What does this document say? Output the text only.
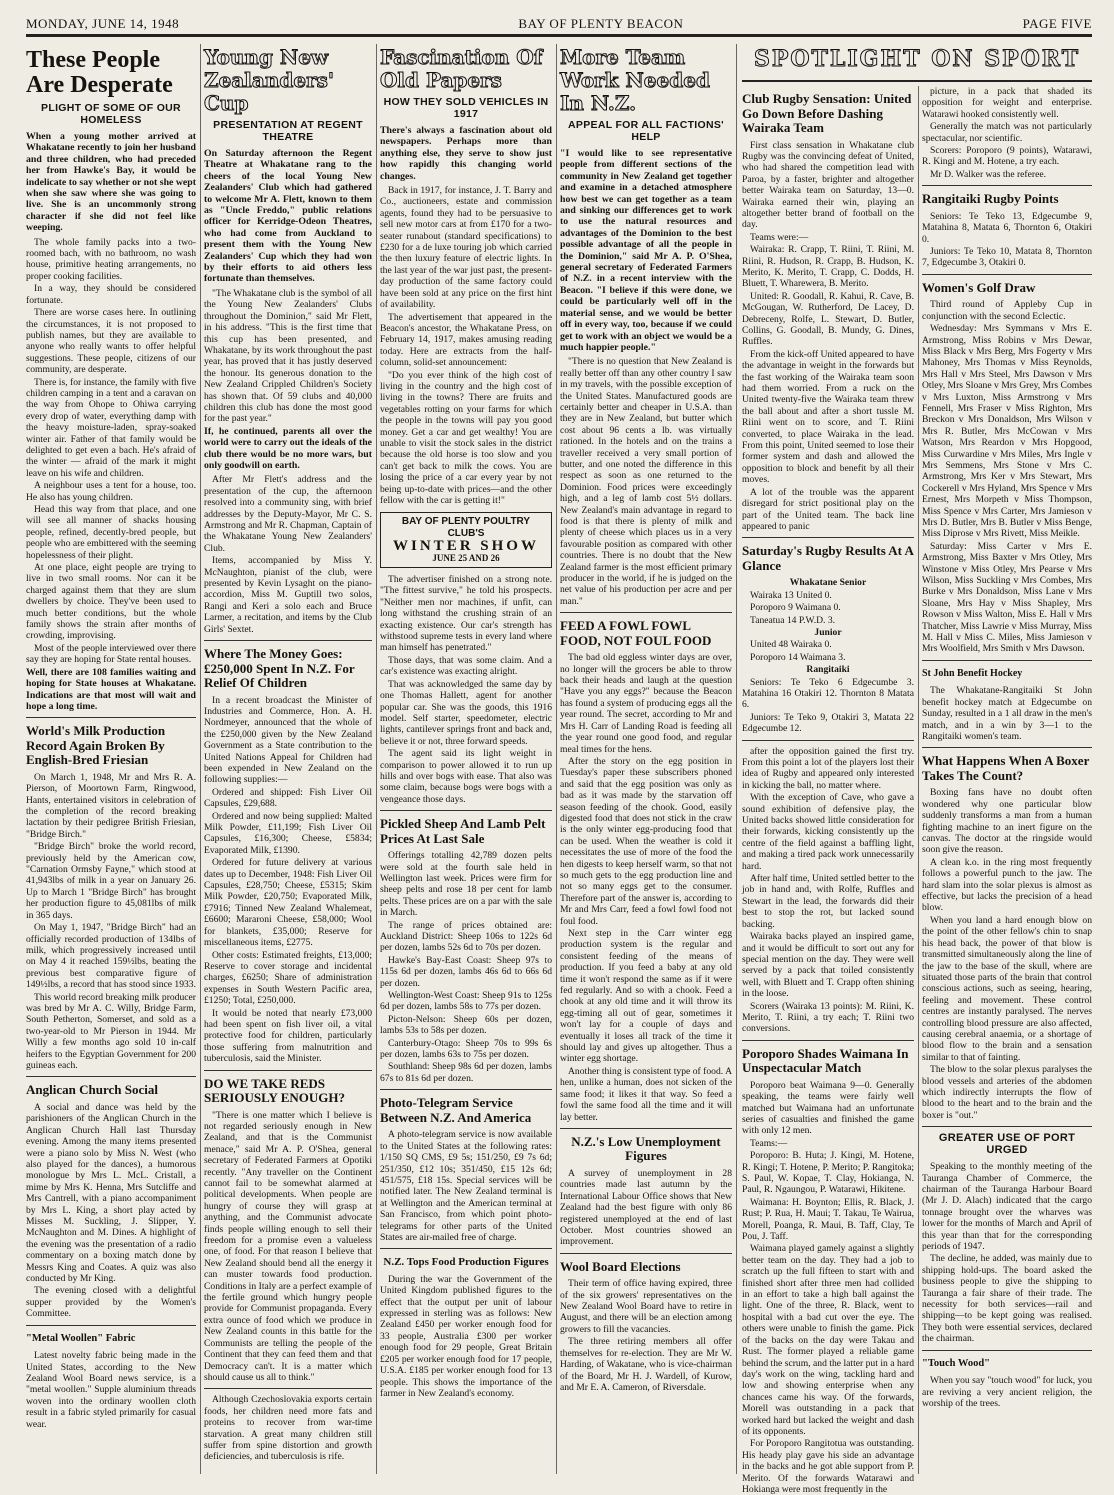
MONDAY, JUNE 14, 1948	BAY OF PLENTY BEACON	PAGE FIVE
These People Are Desperate
PLIGHT OF SOME OF OUR HOMELESS
When a young mother arrived at Whakatane recently to join her husband and three children, who had preceded her from Hawke's Bay, it would be indelicate to say whether or not she wept when she saw where she was going to live. She is an uncommonly strong character if she did not feel like weeping.

The whole family packs into a two-roomed bach, with no bathroom, no wash house, primitive heating arrangements, no proper cooking facilities.

In a way, they should be considered fortunate.

There are worse cases here. In outlining the circumstances, it is not proposed to publish names, but they are available to anyone who really wants to offer helpful suggestions. These people, citizens of our community, are desperate.

There is, for instance, the family with five children camping in a tent and a caravan on the way from Ohope to Ohiwa carrying every drop of water, everything damp with the heavy moisture-laden, spray-soaked winter air. Father of that family would be delighted to get even a bach. He's afraid of the winter — afraid of the mark it might leave on his wife and children.

A neighbour uses a tent for a house, too. He also has young children.

Head this way from that place, and one will see all manner of shacks housing people, refined, decently-bred people, but people who are embittered with the seeming hopelessness of their plight.

At one place, eight people are trying to live in two small rooms. Nor can it be charged against them that they are slum dwellers by choice. They've been used to much better conditions, but the whole family shows the strain after months of crowding, improvising.

Most of the people interviewed over there say they are hoping for State rental houses.

Well, there are 108 families waiting and hoping for State houses at Whakatane. Indications are that most will wait and hope a long time.
World's Milk Production Record Again Broken By English-Bred Friesian

On March 1, 1948, Mr and Mrs R. A. Pierson, of Moortown Farm, Ringwood, Hants, entertained visitors in celebration of the completion of the record breaking lactation by their pedigree British Friesian, "Bridge Birch."

"Bridge Birch" broke the world record, previously held by the American cow, "Carnation Ormsby Fayne," which stood at 41,943lbs of milk in a year on January 26. Up to March 1 "Bridge Birch" has brought her production figure to 45,081lbs of milk in 365 days.

On May 1, 1947, "Bridge Birch" had an officially recorded production of 134lbs of milk, which progressively increased until on May 4 it reached 159½lbs, beating the previous best comparative figure of 149½lbs, a record that has stood since 1933.

This world record breaking milk producer was bred by Mr A. C. Willy, Bridge Farm, South Petherton, Somerset, and sold as a two-year-old to Mr Pierson in 1944. Mr Willy a few months ago sold 10 in-calf heifers to the Egyptian Government for 200 guineas each.

Anglican Church Social

A social and dance was held by the parishioners of the Anglican Church in the Anglican Church Hall last Thursday evening. Among the many items presented were a piano solo by Miss N. West (who also played for the dances), a humorous monologue by Mrs L. McL. Cristall, a mime by Mrs K. Henna, Mrs Sutcliffe and Mrs Cantrell, with a piano accompaniment by Mrs L. King, a short play acted by Misses M. Suckling, J. Slipper, Y. McNaughton and M. Dines. A highlight of the evening was the presentation of a radio commentary on a boxing match done by Messrs King and Coates. A quiz was also conducted by Mr King.

The evening closed with a delightful supper provided by the Women's Committee.

"Metal Woollen" Fabric

Latest novelty fabric being made in the United States, according to the New Zealand Wool Board news service, is a "metal woollen." Supple aluminium threads woven into the ordinary woollen cloth result in a fabric styled primarily for casual wear.

Young New Zealanders' Cup
PRESENTATION AT REGENT THEATRE
On Saturday afternoon the Regent Theatre at Whakatane rang to the cheers of the local Young New Zealanders' Club which had gathered to welcome Mr A. Flett, known to them as "Uncle Freddo," public relations officer for Kerridge-Odeon Theatres, who had come from Auckland to present them with the Young New Zealanders' Cup which they had won by their efforts to aid others less fortunate than themselves.

"The Whakatane club is the symbol of all the Young New Zealanders' Clubs throughout the Dominion," said Mr Flett, in his address. "This is the first time that this cup has been presented, and Whakatane, by its work throughout the past year, has proved that it has justly deserved the honour. Its generous donation to the New Zealand Crippled Children's Society has shown that. Of 59 clubs and 40,000 children this club has done the most good for the past year."

If, he continued, parents all over the world were to carry out the ideals of the club there would be no more wars, but only goodwill on earth.

After Mr Flett's address and the presentation of the cup, the afternoon resolved into a community sing, with brief addresses by the Deputy-Mayor, Mr C. S. Armstrong and Mr R. Chapman, Captain of the Whakatane Young New Zealanders' Club.

Items, accompanied by Miss Y. McNaughton, pianist of the club, were presented by Kevin Lysaght on the piano-accordion, Miss M. Guptill two solos, Rangi and Keri a solo each and Bruce Larmer, a recitation, and items by the Club Girls' Sextet.

Where The Money Goes: £250,000 Spent In N.Z. For Relief Of Children

In a recent broadcast the Minister of Industries and Commerce, Hon. A. H. Nordmeyer, announced that the whole of the £250,000 given by the New Zealand Government as a State contribution to the United Nations Appeal for Children had been expended in New Zealand on the following supplies:—

Ordered and shipped: Fish Liver Oil Capsules, £29,688.

Ordered and now being supplied: Malted Milk Powder, £11,199; Fish Liver Oil Capsules, £16,300; Cheese, £5834; Evaporated Milk, £1390.

Ordered for future delivery at various dates up to December, 1948: Fish Liver Oil Capsules, £28,750; Cheese, £5315; Skim Milk Powder, £20,750; Evaporated Milk, £7916; Tinned New Zealand Whalemeat, £6600; Mararoni Cheese, £58,000; Wool for blankets, £35,000; Reserve for miscellaneous items, £2775.

Other costs: Estimated freights, £13,000; Reserve to cover storage and incidental charges, £6250; Share of administration expenses in South Western Pacific area, £1250; Total, £250,000.

It would be noted that nearly £73,000 had been spent on fish liver oil, a vital protective food for children, particularly those suffering from malnutrition and tuberculosis, said the Minister.

DO WE TAKE REDS SERIOUSLY ENOUGH?

"There is one matter which I believe is not regarded seriously enough in New Zealand, and that is the Communist menace," said Mr A. P. O'Shea, general secretary of Federated Farmers at Opotiki recently. "Any traveller on the Continent cannot fail to be somewhat alarmed at political developments. When people are hungry of course they will grasp at anything, and the Communist advocate finds people willing enough to sell their freedom for a promise even a valueless one, of food. For that reason I believe that New Zealand should bend all the energy it can muster towards food production. Conditions in Italy are a perfect example of the fertile ground which hungry people provide for Communist propaganda. Every extra ounce of food which we produce in New Zealand counts in this battle for the Communists are telling the people of the Continent that they can feed them and that Democracy can't. It is a matter which should cause us all to think."

Although Czechoslovakia exports certain foods, her children need more fats and proteins to recover from war-time starvation. A great many children still suffer from spine distortion and growth deficiencies, and tuberculosis is rife.

Fascination Of Old Papers
HOW THEY SOLD VEHICLES IN 1917
There's always a fascination about old newspapers. Perhaps more than anything else, they serve to show just how rapidly this changing world changes.

Back in 1917, for instance, J. T. Barry and Co., auctioneers, estate and commission agents, found they had to be persuasive to sell new motor cars at from £170 for a two-seater runabout (standard specifications) to £230 for a de luxe touring job which carried the then luxury feature of electric lights. In the last year of the war just past, the present-day production of the same factory could have been sold at any price on the first hint of availability.

The advertisement that appeared in the Beacon's ancestor, the Whakatane Press, on February 14, 1917, makes amusing reading today. Here are extracts from the half-column, solid-set announcement:

"Do you ever think of the high cost of living in the country and the high cost of living in the towns? There are fruits and vegetables rotting on your farms for which the people in the towns will pay you good money. Get a car and get wealthy! You are unable to visit the stock sales in the district because the old horse is too slow and you can't get back to milk the cows. You are losing the price of a car every year by not being up-to-date with prices—and the other fellow with the car is getting it!"

BAY OF PLENTY POULTRY CLUB'S
WINTER SHOW
JUNE 25 AND 26

The advertiser finished on a strong note. "The fittest survive," he told his prospects. "Neither men nor machines, if unfit, can long withstand the crushing strain of an exacting existence. Our car's strength has withstood supreme tests in every land where man himself has penetrated."

Those days, that was some claim. And a car's existence was exacting alright.

That was acknowledged the same day by one Thomas Hallett, agent for another popular car. She was the goods, this 1916 model. Self starter, speedometer, electric lights, cantilever springs front and back and, believe it or not, three forward speeds.

The agent said its light weight in comparison to power allowed it to run up hills and over bogs with ease. That also was some claim, because bogs were bogs with a vengeance those days.

Pickled Sheep And Lamb Pelt Prices At Last Sale

Offerings totalling 42,789 dozen pelts were sold at the fourth sale held in Wellington last week. Prices were firm for sheep pelts and rose 18 per cent for lamb pelts. These prices are on a par with the sale in March.

The range of prices obtained are: Auckland District: Sheep 106s to 122s 6d per dozen, lambs 52s 6d to 70s per dozen.

Hawke's Bay-East Coast: Sheep 97s to 115s 6d per dozen, lambs 46s 6d to 66s 6d per dozen.

Wellington-West Coast: Sheep 91s to 125s 6d per dozen, lambs 58s to 77s per dozen.

Picton-Nelson: Sheep 60s per dozen, lambs 53s to 58s per dozen.

Canterbury-Otago: Sheep 70s to 99s 6s per dozen, lambs 63s to 75s per dozen.

Southland: Sheep 98s 6d per dozen, lambs 67s to 81s 6d per dozen.

Photo-Telegram Service Between N.Z. And America

A photo-telegram service is now available to the United States at the following rates: 1/150 SQ CMS, £9 5s; 151/250, £9 7s 6d; 251/350, £12 10s; 351/450, £15 12s 6d; 451/575, £18 15s. Special services will be notified later. The New Zealand terminal is at Wellington and the American terminal at San Francisco, from which point photo-telegrams for other parts of the United States are air-mailed free of charge.

N.Z. Tops Food Production Figures

During the war the Government of the United Kingdom published figures to the effect that the output per unit of labour expressed in sterling was as follows: New Zealand £450 per worker enough food for 33 people, Australia £300 per worker enough food for 29 people, Great Britain £205 per worker enough food for 17 people, U.S.A. £185 per worker enough food for 13 people. This shows the importance of the farmer in New Zealand's economy.

More Team Work Needed In N.Z.
APPEAL FOR ALL FACTIONS' HELP
"I would like to see representative people from different sections of the community in New Zealand get together and examine in a detached atmosphere how best we can get together as a team and sinking our differences get to work to use the natural resources and advantages of the Dominion to the best possible advantage of all the people in the Dominion," said Mr A. P. O'Shea, general secretary of Federated Farmers of N.Z. in a recent interview with the Beacon. "I believe if this were done, we could be particularly well off in the material sense, and we would be better off in every way, too, because if we could get to work with an object we would be a much happier people."

"There is no question that New Zealand is really better off than any other country I saw in my travels, with the possible exception of the United States. Manufactured goods are certainly better and cheaper in U.S.A. than they are in New Zealand, but butter which cost about 96 cents a lb. was virtually rationed. In the hotels and on the trains a traveller received a very small portion of butter, and one noted the difference in this respect as soon as one returned to the Dominion. Food prices were exceedingly high, and a leg of lamb cost 5½ dollars. New Zealand's main advantage in regard to food is that there is plenty of milk and plenty of cheese which places us in a very favourable position as compared with other countries. There is no doubt that the New Zealand farmer is the most efficient primary producer in the world, if he is judged on the net value of his production per acre and per man."

FEED A FOWL FOWL FOOD, NOT FOUL FOOD

The bad old eggless winter days are over, no longer will the grocers be able to throw back their heads and laugh at the question "Have you any eggs?" because the Beacon has found a system of producing eggs all the year round. The secret, according to Mr and Mrs H. Carr of Landing Road is feeding all the year round one good food, and regular meal times for the hens.

After the story on the egg position in Tuesday's paper these subscribers phoned and said that the egg position was only as bad as it was made by the starvation off season feeding of the chook. Good, easily digested food that does not stick in the craw is the only winter egg-producing food that can be used. When the weather is cold it necessitates the use of more of the food the hen digests to keep herself warm, so that not so much gets to the egg production line and not so many eggs get to the consumer. Therefore part of the answer is, according to Mr and Mrs Carr, feed a fowl fowl food not foul food.

Next step in the Carr winter egg production system is the regular and consistent feeding of the means of production. If you feed a baby at any old time it won't respond the same as if it were fed regularly. And so with a chook. Feed a chook at any old time and it will throw its egg-timing all out of gear, sometimes it won't lay for a couple of days and eventually it loses all track of the time it should lay and gives up altogether. Thus a winter egg shortage.

Another thing is consistent type of food. A hen, unlike a human, does not sicken of the same food; it likes it that way. So feed a fowl the same food all the time and it will lay better.

N.Z.'s Low Unemployment Figures

A survey of unemployment in 28 countries made last autumn by the International Labour Office shows that New Zealand had the best figure with only 86 registered unemployed at the end of last October. Most countries showed an improvement.

Wool Board Elections

Their term of office having expired, three of the six growers' representatives on the New Zealand Wool Board have to retire in August, and there will be an election among growers to fill the vacancies.

The three retiring members all offer themselves for re-election. They are Mr W. Harding, of Wakatane, who is vice-chairman of the Board, Mr H. J. Wardell, of Kurow, and Mr E. A. Cameron, of Riversdale.

SPOTLIGHT ON SPORT
Club Rugby Sensation: United Go Down Before Dashing Wairaka Team

First class sensation in Whakatane club Rugby was the convincing defeat of United, who had shared the competition lead with Paroa, by a faster, brighter and altogether better Wairaka team on Saturday, 13—0. Wairaka earned their win, playing an altogether better brand of football on the day.

Teams were:—

Wairaka: R. Crapp, T. Riini, T. Riini, M. Riini, R. Hudson, R. Crapp, B. Hudson, K. Merito, K. Merito, T. Crapp, C. Dodds, H. Bluett, T. Wharewera, B. Merito.

United: R. Goodall, R. Kahui, R. Cave, B. McGougan, W. Rutherford, De Lacey, D. Debreceny, Rolfe, L. Stewart, D. Butler, Collins, G. Goodall, B. Mundy, G. Dines, Ruffles.

From the kick-off United appeared to have the advantage in weight in the forwards but the fast working of the Wairaka team soon had them worried. From a ruck on the United twenty-five the Wairaka team threw the ball about and after a short tussle M. Riini went on to score, and T. Riini converted, to place Wairaka in the lead. From this point, United seemed to lose their former system and dash and allowed the opposition to block and benefit by all their moves.

A lot of the trouble was the apparent disregard for strict positional play on the part of the United team. The back line appeared to panic

Saturday's Rugby Results At A Glance

Whakatane Senior

Wairaka 13 United 0.

Poroporo 9 Waimana 0.

Taneatua 14 P.W.D. 3.

Junior

United 48 Wairaka 0.

Poroporo 14 Waimana 3.

Rangitaiki

Seniors: Te Teko 6 Edgecumbe 3. Matahina 16 Otakiri 12. Thornton 8 Matata 6.

Juniors: Te Teko 9, Otakiri 3, Matata 22 Edgecumbe 12.

after the opposition gained the first try. From this point a lot of the players lost their idea of Rugby and appeared only interested in kicking the ball, no matter where.

With the exception of Cave, who gave a sound exhibition of defensive play, the United backs showed little consideration for their forwards, kicking consistently up the centre of the field against a baffling light, and making a tired pack work unnecessarily hard.

After half time, United settled better to the job in hand and, with Rolfe, Ruffles and Stewart in the lead, the forwards did their best to stop the rot, but lacked sound backing.

Wairaka backs played an inspired game, and it would be difficult to sort out any for special mention on the day. They were well served by a pack that toiled consistently well, with Bluett and T. Crapp often shining in the loose.

Scorers (Wairaka 13 points): M. Riini, K. Merito, T. Riini, a try each; T. Riini two conversions.

Poroporo Shades Waimana In Unspectacular Match

Poroporo beat Waimana 9—0. Generally speaking, the teams were fairly well matched but Waimana had an unfortunate series of casualties and finished the game with only 12 men.

Teams:—

Poroporo: B. Huta; J. Kingi, M. Hotene, R. Kingi; T. Hotene, P. Merito; P. Rangitoka; S. Paul, W. Kopae, T. Clay, Hokianga, N. Paul, R. Ngaungou, P. Watarawi, Hikitene.

Waimana: H. Boynton; Ellis, R. Black, J. Rust; P. Rua, H. Maui; T. Takau, Te Wairua, Morell, Poanga, R. Maui, B. Taff, Clay, Te Pou, J. Taff.

Waimana played gamely against a slightly better team on the day. They had a job to scratch up the full fifteen to start with and finished short after three men had collided in an effort to take a high ball against the light. One of the three, R. Black, went to hospital with a bad cut over the eye. The others were unable to finish the game. Pick of the backs on the day were Takau and Rust. The former played a reliable game behind the scrum, and the latter put in a hard day's work on the wing, tackling hard and low and showing enterprise when any chances came his way. Of the forwards, Morell was outstanding in a pack that worked hard but lacked the weight and dash of its opponents.

For Poroporo Rangitotua was outstanding. His heady play gave his side an advantage in the backs and he got able support from P. Merito. Of the forwards Watarawi and Hokianga were most frequently in the

picture, in a pack that shaded its opposition for weight and enterprise. Watarawi hooked consistently well.

Generally the match was not particularly spectacular, nor scientific.

Scorers: Poroporo (9 points), Watarawi, R. Kingi and M. Hotene, a try each.

Mr D. Walker was the referee.

Rangitaiki Rugby Points

Seniors: Te Teko 13, Edgecumbe 9, Matahina 8, Matata 6, Thornton 6, Otakiri 0.

Juniors: Te Teko 10, Matata 8, Thornton 7, Edgecumbe 3, Otakiri 0.

Women's Golf Draw

Third round of Appleby Cup in conjunction with the second Eclectic.

Wednesday: Mrs Symmans v Mrs E. Armstrong, Miss Robins v Mrs Dewar, Miss Black v Mrs Berg, Mrs Fogerty v Mrs Mahoney, Mrs Thomas v Miss Reynolds, Mrs Hall v Mrs Steel, Mrs Dawson v Mrs Otley, Mrs Sloane v Mrs Grey, Mrs Combes v Mrs Luxton, Miss Armstrong v Mrs Fennell, Mrs Fraser v Miss Righton, Mrs Breckon v Mrs Donaldson, Mrs Wilson v Mrs R. Butler, Mrs McCowan v Mrs Watson, Mrs Reardon v Mrs Hopgood, Miss Curwardine v Mrs Miles, Mrs Ingle v Mrs Semmens, Mrs Stone v Mrs C. Armstrong, Mrs Ker v Mrs Stewart, Mrs Cockerell v Mrs Hyland, Mrs Spence v Mrs Ernest, Mrs Morpeth v Miss Thompson, Miss Spence v Mrs Carter, Mrs Jamieson v Mrs D. Butler, Mrs B. Butler v Miss Benge, Miss Diprose v Mrs Rivett, Miss Meikle.

Saturday: Miss Carter v Mrs E. Armstrong, Miss Baxter v Mrs Otley, Mrs Winstone v Miss Otley, Mrs Pearse v Mrs Wilson, Miss Suckling v Mrs Combes, Mrs Burke v Mrs Donaldson, Miss Lane v Mrs Sloane, Mrs Hay v Miss Shapley, Mrs Rowson v Miss Walton, Miss E. Hall v Mrs Thatcher, Miss Lawrie v Miss Murray, Miss M. Hall v Miss C. Miles, Miss Jamieson v Mrs Woolfield, Mrs Smith v Mrs Dawson.

St John Benefit Hockey

The Whakatane-Rangitaiki St John benefit hockey match at Edgecumbe on Sunday, resulted in a 1 all draw in the men's match, and in a win by 3—1 to the Rangitaiki women's team.

What Happens When A Boxer Takes The Count?

Boxing fans have no doubt often wondered why one particular blow suddenly transforms a man from a human fighting machine to an inert figure on the canvas. The doctor at the ringside would soon give the reason.

A clean k.o. in the ring most frequently follows a powerful punch to the jaw. The hard slam into the solar plexus is almost as effective, but lacks the precision of a head blow.

When you land a hard enough blow on the point of the other fellow's chin to snap his head back, the power of that blow is transmitted simultaneously along the line of the jaw to the base of the skull, where are situated those parts of the brain that control conscious actions, such as seeing, hearing, feeling and movement. These control centres are instantly paralysed. The nerves controlling blood pressure are also affected, causing cerebral anaemia, or a shortage of blood flow to the brain and a sensation similar to that of fainting.

The blow to the solar plexus paralyses the blood vessels and arteries of the abdomen which indirectly interrupts the flow of blood to the heart and to the brain and the boxer is "out."

GREATER USE OF PORT URGED

Speaking to the monthly meeting of the Tauranga Chamber of Commerce, the chairman of the Tauranga Harbour Board (Mr J. D. Alach) indicated that the cargo tonnage brought over the wharves was lower for the months of March and April of this year than that for the corresponding periods of 1947.

The decline, he added, was mainly due to shipping hold-ups. The board asked the business people to give the shipping to Tauranga a fair share of their trade. The necessity for both services—rail and shipping—to be kept going was realised. They both were essential services, declared the chairman.

"Touch Wood"

When you say "touch wood" for luck, you are reviving a very ancient religion, the worship of the trees.
